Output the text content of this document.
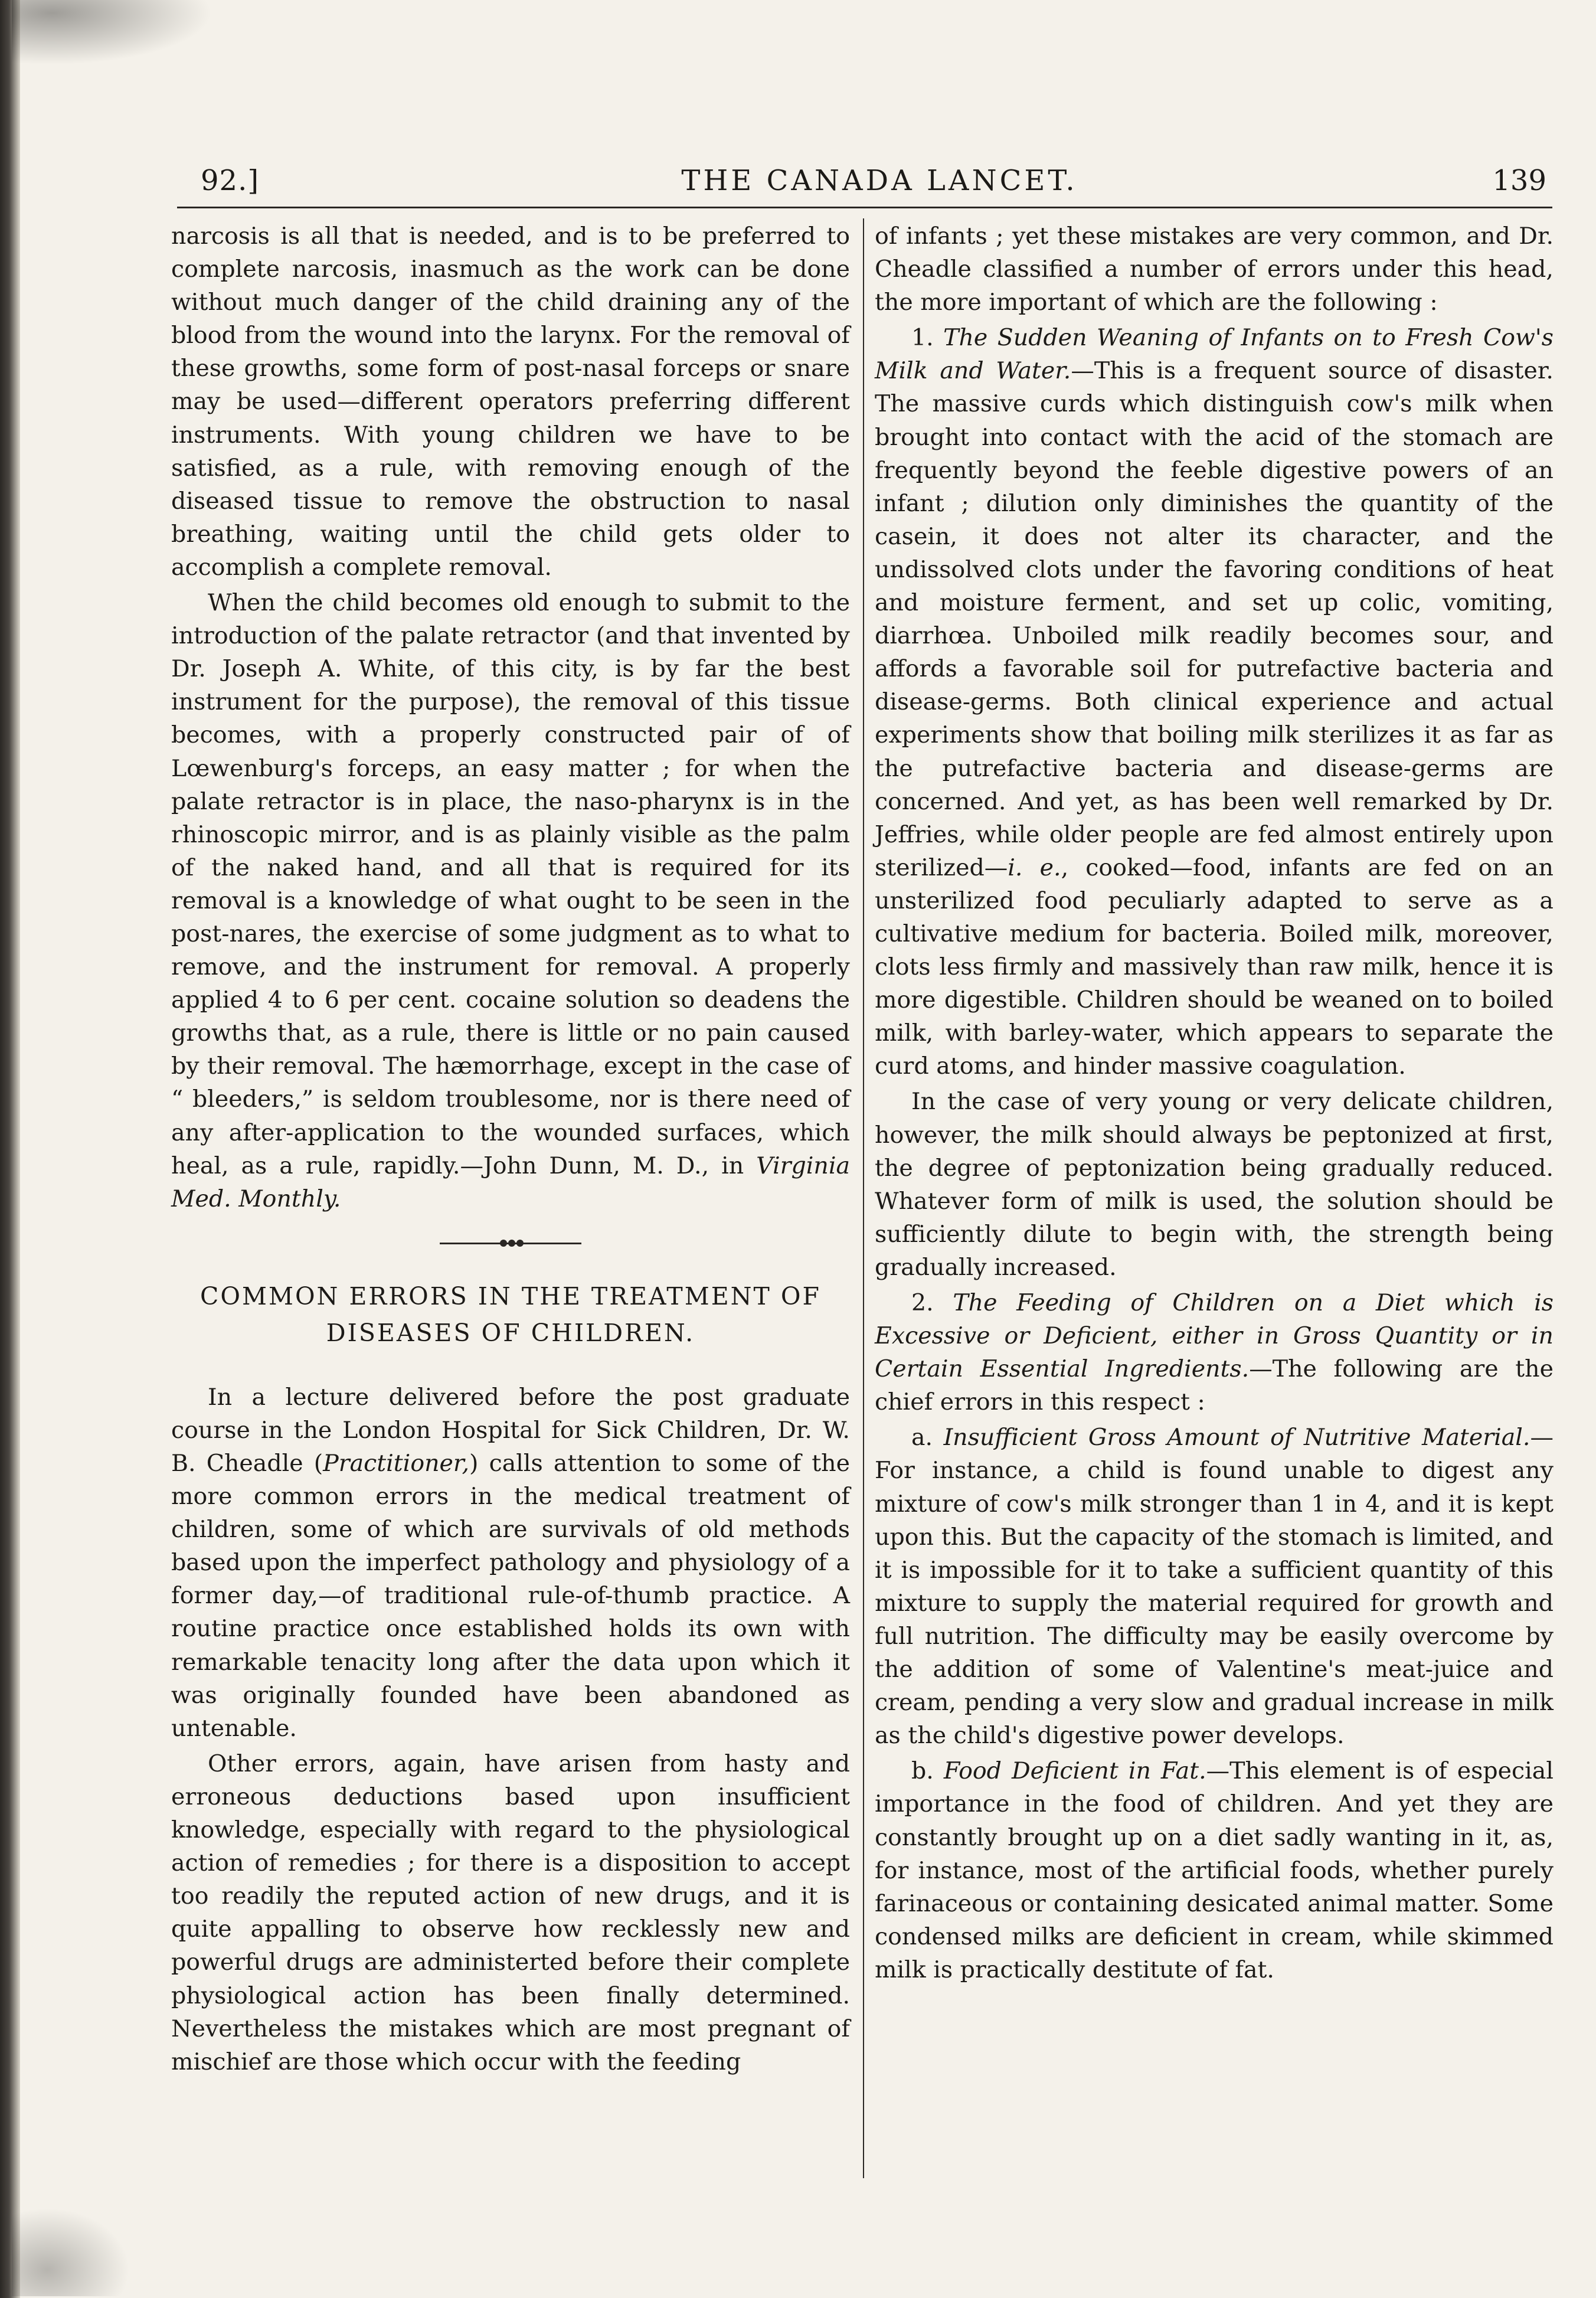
92.]	THE CANADA LANCET.	139

narcosis is all that is needed, and is to be preferred to complete narcosis, inasmuch as the work can be done without much danger of the child draining any of the blood from the wound into the larynx. For the removal of these growths, some form of post-nasal forceps or snare may be used—different operators preferring different instruments. With young children we have to be satisfied, as a rule, with removing enough of the diseased tissue to remove the obstruction to nasal breathing, waiting until the child gets older to accomplish a complete removal.

When the child becomes old enough to submit to the introduction of the palate retractor (and that invented by Dr. Joseph A. White, of this city, is by far the best instrument for the purpose), the removal of this tissue becomes, with a properly constructed pair of of Lœwenburg's forceps, an easy matter ; for when the palate retractor is in place, the naso-pharynx is in the rhinoscopic mirror, and is as plainly visible as the palm of the naked hand, and all that is required for its removal is a knowledge of what ought to be seen in the post-nares, the exercise of some judgment as to what to remove, and the instrument for removal. A properly applied 4 to 6 per cent. cocaine solution so deadens the growths that, as a rule, there is little or no pain caused by their removal. The hæmorrhage, except in the case of “ bleeders,” is seldom troublesome, nor is there need of any after-application to the wounded surfaces, which heal, as a rule, rapidly.—John Dunn, M. D., in Virginia Med. Monthly.

COMMON ERRORS IN THE TREATMENT OF DISEASES OF CHILDREN.

In a lecture delivered before the post graduate course in the London Hospital for Sick Children, Dr. W. B. Cheadle (Practitioner,) calls attention to some of the more common errors in the medical treatment of children, some of which are survivals of old methods based upon the imperfect pathology and physiology of a former day,—of traditional rule-of-thumb practice. A routine practice once established holds its own with remarkable tenacity long after the data upon which it was originally founded have been abandoned as untenable.

Other errors, again, have arisen from hasty and erroneous deductions based upon insufficient knowledge, especially with regard to the physiological action of remedies ; for there is a disposition to accept too readily the reputed action of new drugs, and it is quite appalling to observe how recklessly new and powerful drugs are administerted before their complete physiological action has been finally determined. Nevertheless the mistakes which are most pregnant of mischief are those which occur with the feeding

of infants ; yet these mistakes are very common, and Dr. Cheadle classified a number of errors under this head, the more important of which are the following :

1. The Sudden Weaning of Infants on to Fresh Cow's Milk and Water.—This is a frequent source of disaster. The massive curds which distinguish cow's milk when brought into contact with the acid of the stomach are frequently beyond the feeble digestive powers of an infant ; dilution only diminishes the quantity of the casein, it does not alter its character, and the undissolved clots under the favoring conditions of heat and moisture ferment, and set up colic, vomiting, diarrhœa. Unboiled milk readily becomes sour, and affords a favorable soil for putrefactive bacteria and disease-germs. Both clinical experience and actual experiments show that boiling milk sterilizes it as far as the putrefactive bacteria and disease-germs are concerned. And yet, as has been well remarked by Dr. Jeffries, while older people are fed almost entirely upon sterilized—i. e., cooked—food, infants are fed on an unsterilized food peculiarly adapted to serve as a cultivative medium for bacteria. Boiled milk, moreover, clots less firmly and massively than raw milk, hence it is more digestible. Children should be weaned on to boiled milk, with barley-water, which appears to separate the curd atoms, and hinder massive coagulation.

In the case of very young or very delicate children, however, the milk should always be peptonized at first, the degree of peptonization being gradually reduced. Whatever form of milk is used, the solution should be sufficiently dilute to begin with, the strength being gradually increased.

2. The Feeding of Children on a Diet which is Excessive or Deficient, either in Gross Quantity or in Certain Essential Ingredients.—The following are the chief errors in this respect :

a. Insufficient Gross Amount of Nutritive Material.—For instance, a child is found unable to digest any mixture of cow's milk stronger than 1 in 4, and it is kept upon this. But the capacity of the stomach is limited, and it is impossible for it to take a sufficient quantity of this mixture to supply the material required for growth and full nutrition. The difficulty may be easily overcome by the addition of some of Valentine's meat-juice and cream, pending a very slow and gradual increase in milk as the child's digestive power develops.

b. Food Deficient in Fat.—This element is of especial importance in the food of children. And yet they are constantly brought up on a diet sadly wanting in it, as, for instance, most of the artificial foods, whether purely farinaceous or containing desicated animal matter. Some condensed milks are deficient in cream, while skimmed milk is practically destitute of fat.
